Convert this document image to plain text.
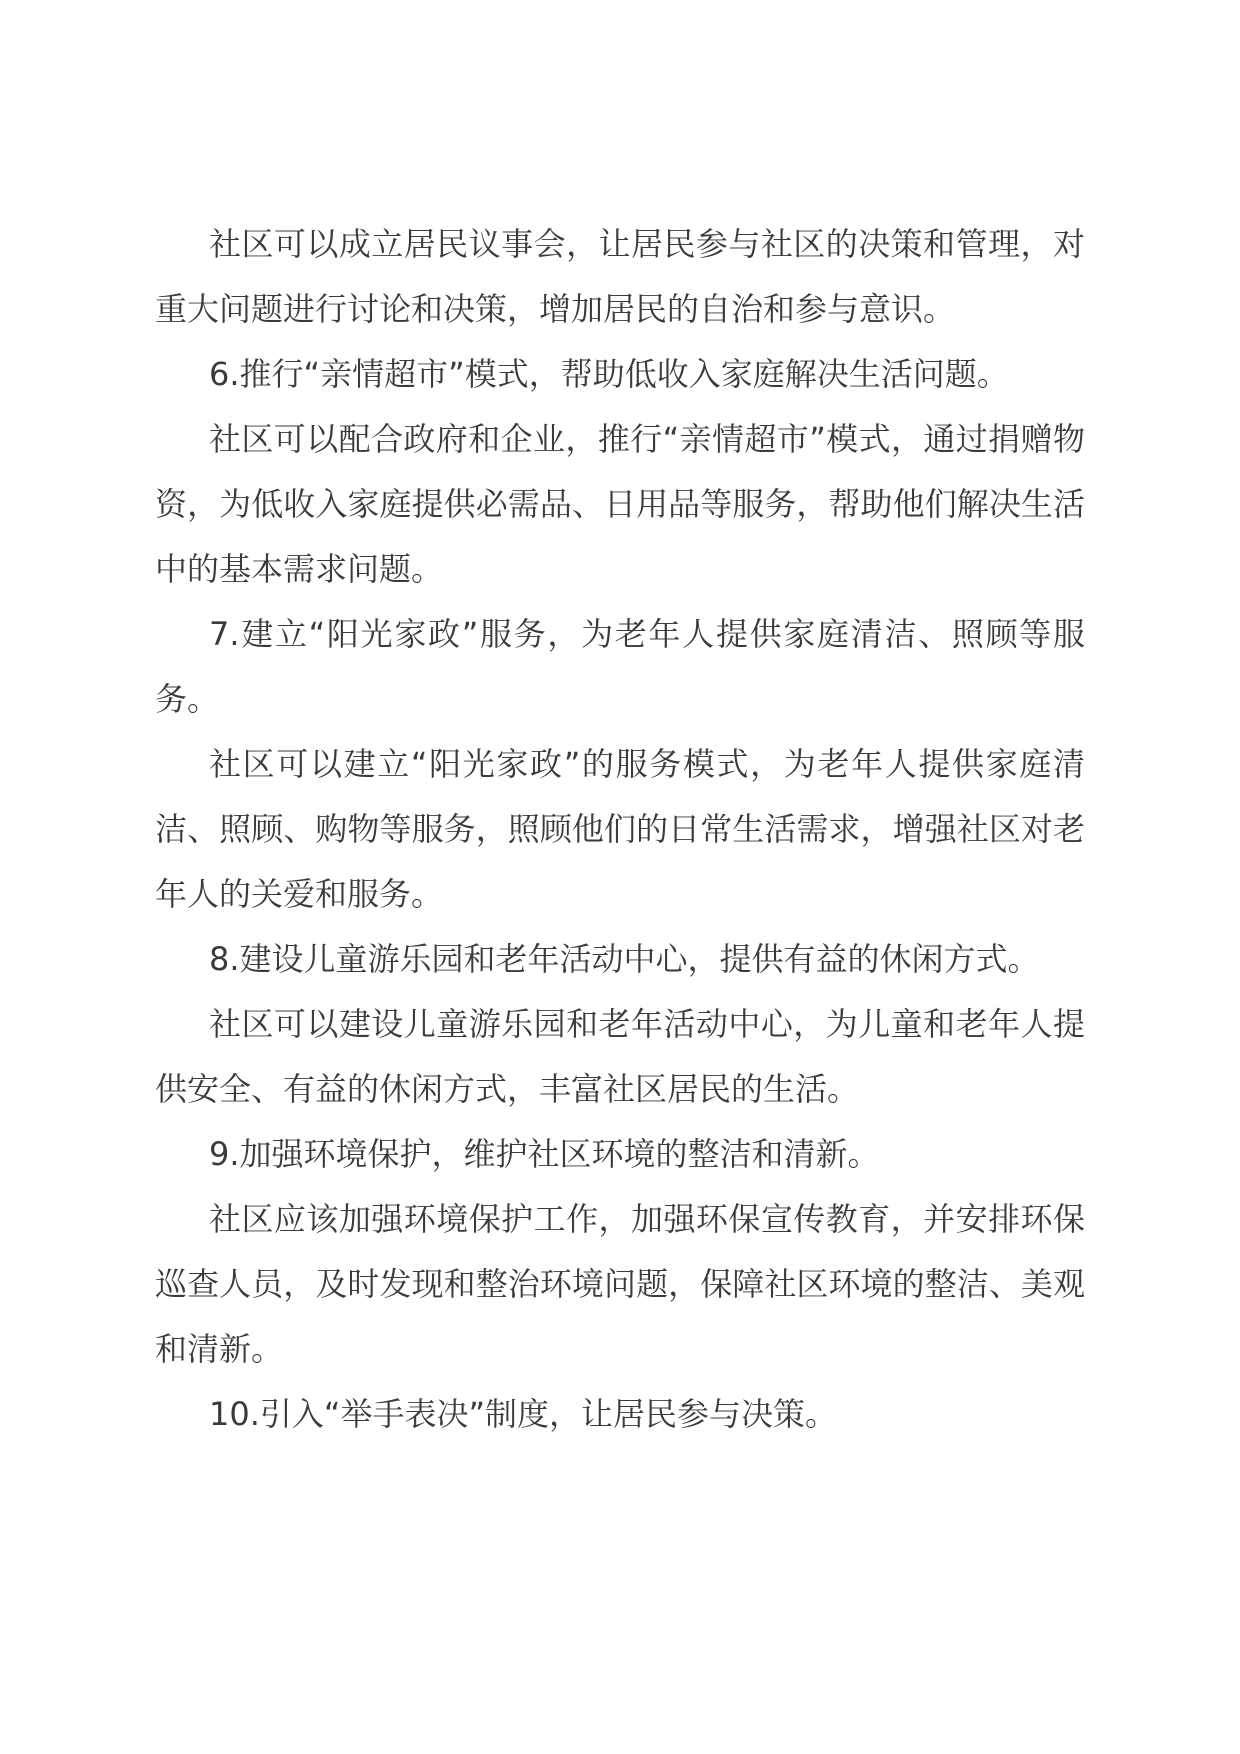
社区可以成立居民议事会，让居民参与社区的决策和管理，对重大问题进行讨论和决策，增加居民的自治和参与意识。

6.推行“亲情超市”模式，帮助低收入家庭解决生活问题。

社区可以配合政府和企业，推行“亲情超市”模式，通过捐赠物资，为低收入家庭提供必需品、日用品等服务，帮助他们解决生活中的基本需求问题。

7.建立“阳光家政”服务，为老年人提供家庭清洁、照顾等服务。

社区可以建立“阳光家政”的服务模式，为老年人提供家庭清洁、照顾、购物等服务，照顾他们的日常生活需求，增强社区对老年人的关爱和服务。

8.建设儿童游乐园和老年活动中心，提供有益的休闲方式。

社区可以建设儿童游乐园和老年活动中心，为儿童和老年人提供安全、有益的休闲方式，丰富社区居民的生活。

9.加强环境保护，维护社区环境的整洁和清新。

社区应该加强环境保护工作，加强环保宣传教育，并安排环保巡查人员，及时发现和整治环境问题，保障社区环境的整洁、美观和清新。

10.引入“举手表决”制度，让居民参与决策。
